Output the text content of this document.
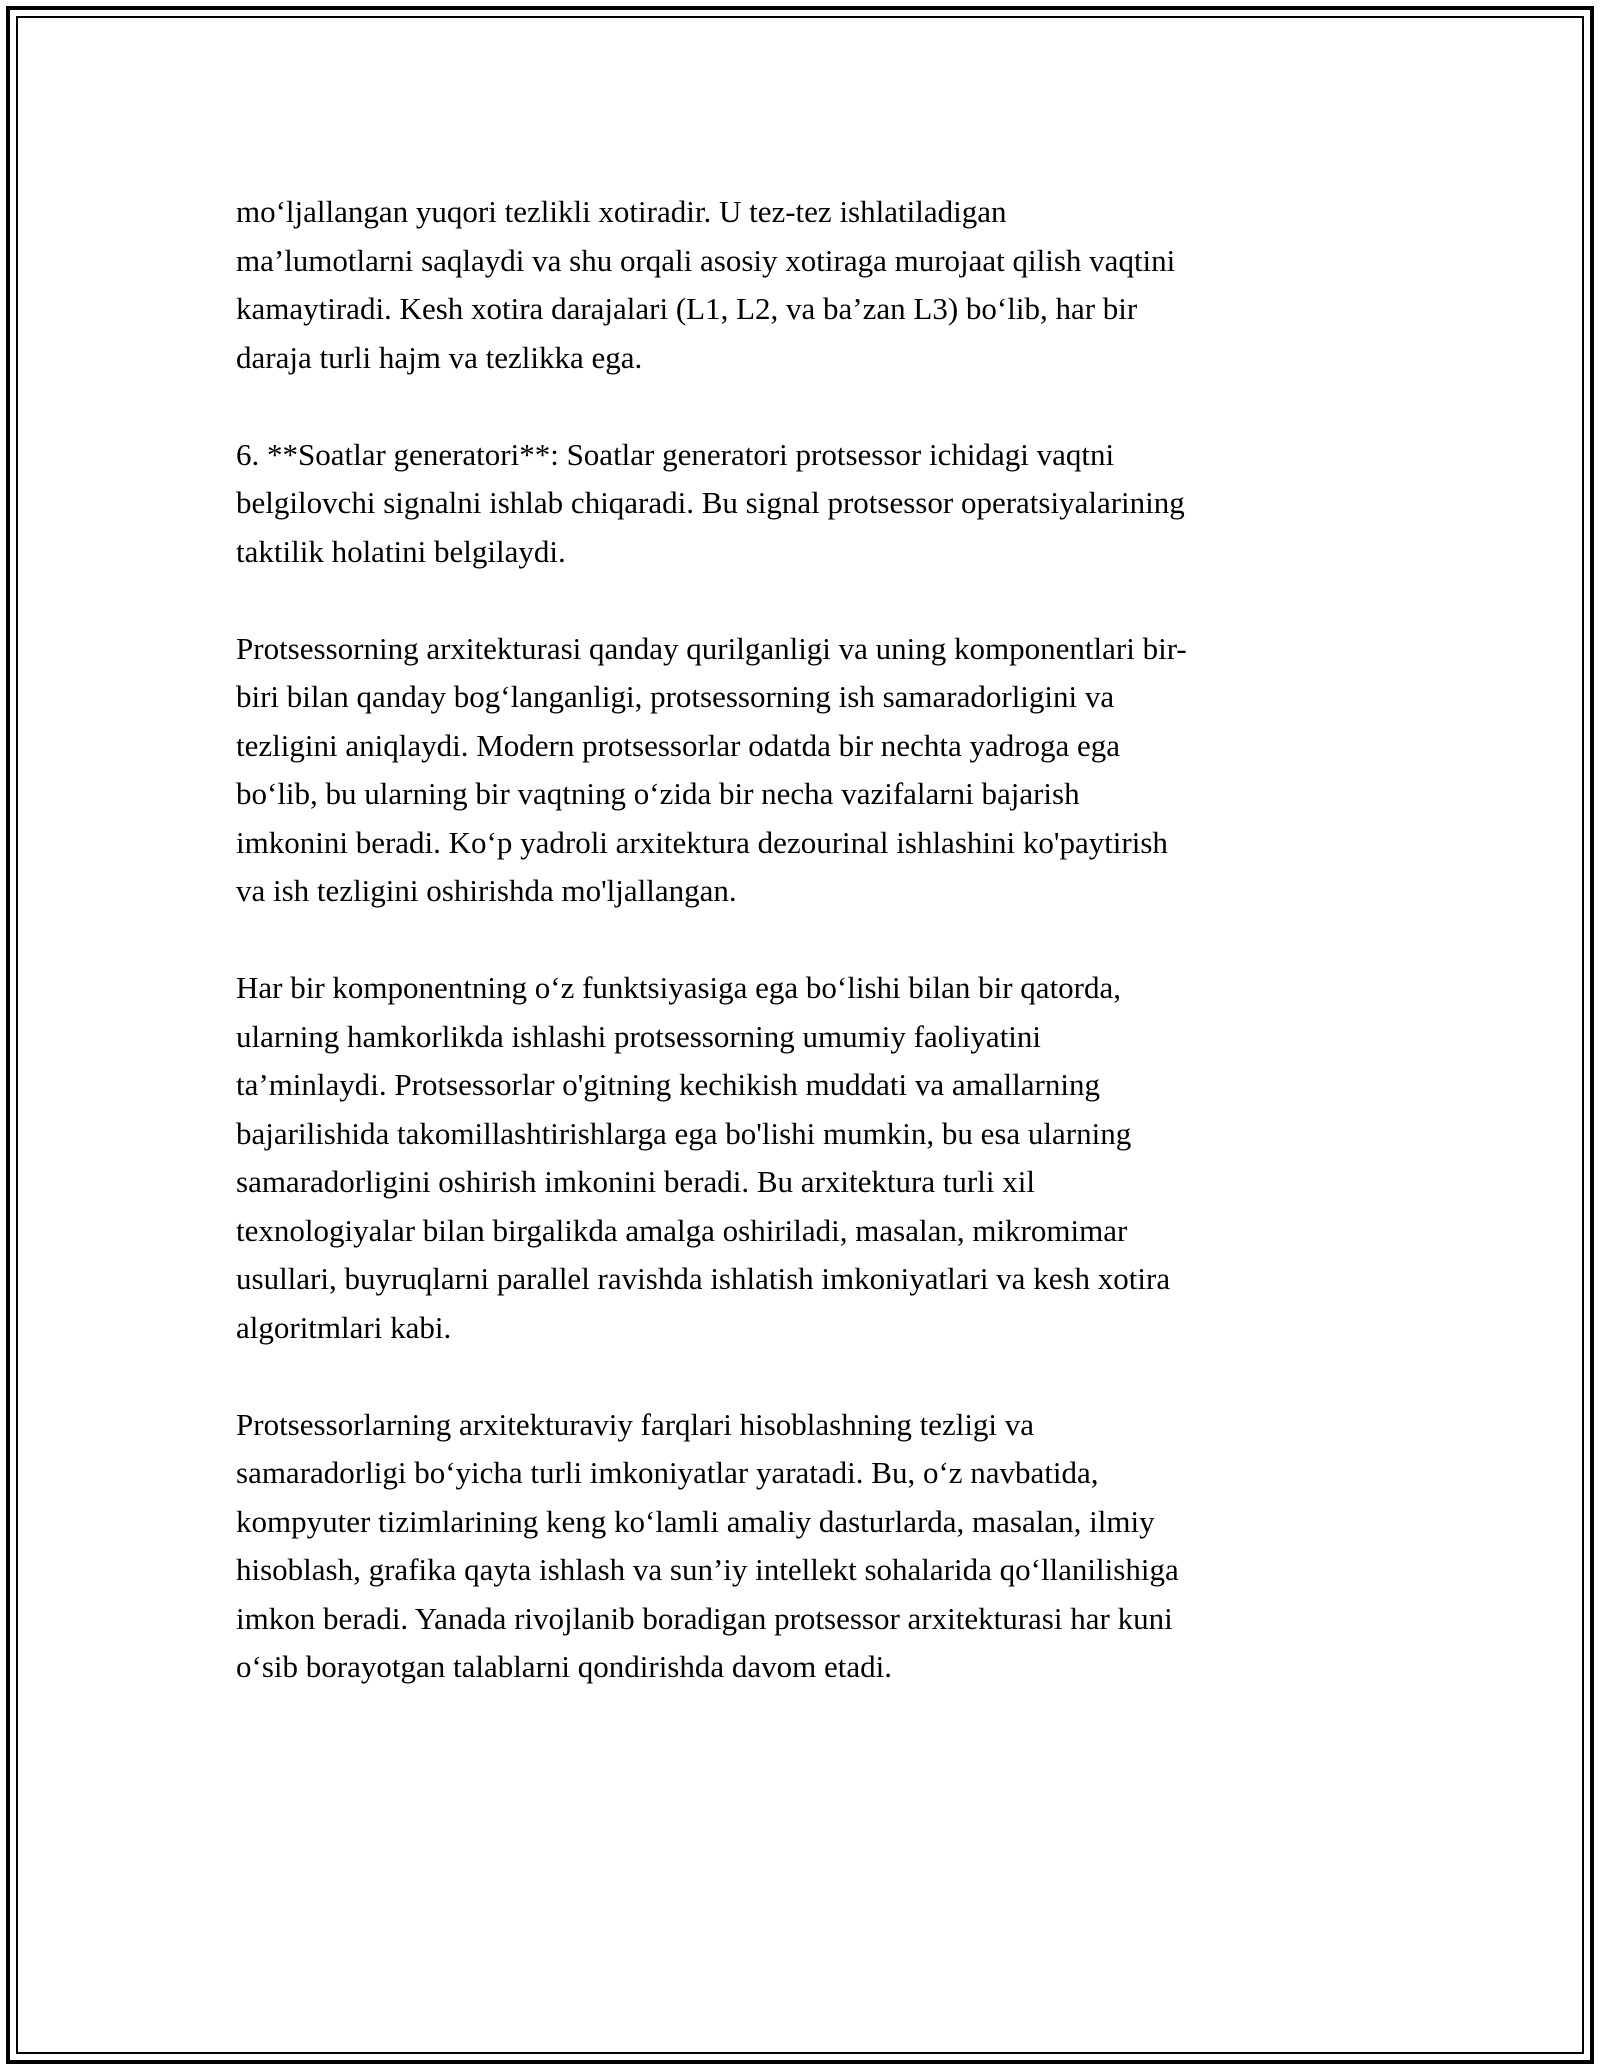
mo‘ljallangan yuqori tezlikli xotiradir. U tez-tez ishlatiladigan
ma’lumotlarni saqlaydi va shu orqali asosiy xotiraga murojaat qilish vaqtini
kamaytiradi. Kesh xotira darajalari (L1, L2, va ba’zan L3) bo‘lib, har bir
daraja turli hajm va tezlikka ega.

6. **Soatlar generatori**: Soatlar generatori protsessor ichidagi vaqtni
belgilovchi signalni ishlab chiqaradi. Bu signal protsessor operatsiyalarining
taktilik holatini belgilaydi.

Protsessorning arxitekturasi qanday qurilganligi va uning komponentlari bir-
biri bilan qanday bog‘langanligi, protsessorning ish samaradorligini va
tezligini aniqlaydi. Modern protsessorlar odatda bir nechta yadroga ega
bo‘lib, bu ularning bir vaqtning o‘zida bir necha vazifalarni bajarish
imkonini beradi. Ko‘p yadroli arxitektura dezourinal ishlashini ko'paytirish
va ish tezligini oshirishda mo'ljallangan.

Har bir komponentning o‘z funktsiyasiga ega bo‘lishi bilan bir qatorda,
ularning hamkorlikda ishlashi protsessorning umumiy faoliyatini
ta’minlaydi. Protsessorlar o'gitning kechikish muddati va amallarning
bajarilishida takomillashtirishlarga ega bo'lishi mumkin, bu esa ularning
samaradorligini oshirish imkonini beradi. Bu arxitektura turli xil
texnologiyalar bilan birgalikda amalga oshiriladi, masalan, mikromimar
usullari, buyruqlarni parallel ravishda ishlatish imkoniyatlari va kesh xotira
algoritmlari kabi.

Protsessorlarning arxitekturaviy farqlari hisoblashning tezligi va
samaradorligi bo‘yicha turli imkoniyatlar yaratadi. Bu, o‘z navbatida,
kompyuter tizimlarining keng ko‘lamli amaliy dasturlarda, masalan, ilmiy
hisoblash, grafika qayta ishlash va sun’iy intellekt sohalarida qo‘llanilishiga
imkon beradi. Yanada rivojlanib boradigan protsessor arxitekturasi har kuni
o‘sib borayotgan talablarni qondirishda davom etadi.
